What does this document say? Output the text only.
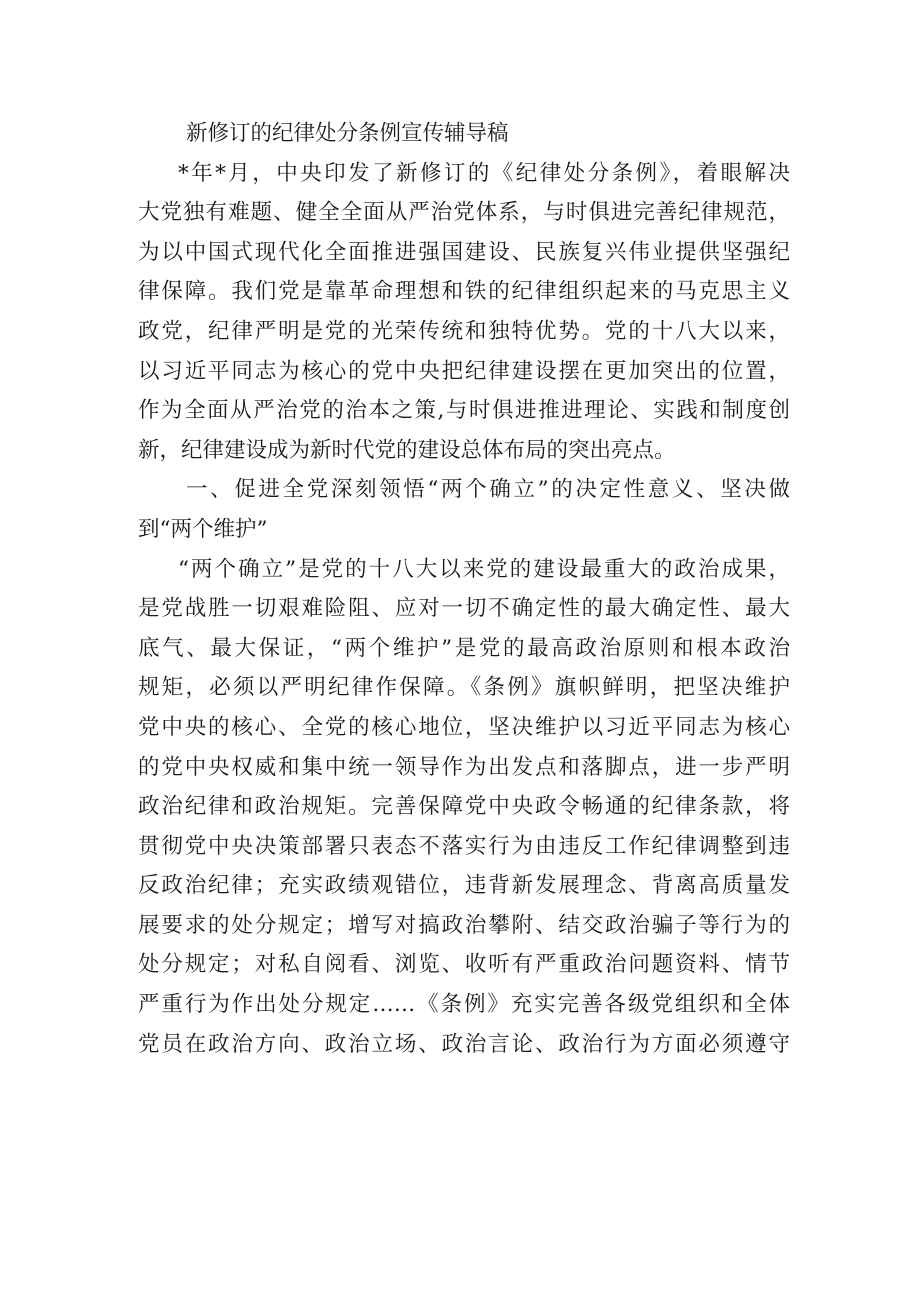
新修订的纪律处分条例宣传辅导稿
*年*月，中央印发了新修订的《纪律处分条例》，着眼解决
大党独有难题、健全全面从严治党体系，与时俱进完善纪律规范，
为以中国式现代化全面推进强国建设、民族复兴伟业提供坚强纪
律保障。我们党是靠革命理想和铁的纪律组织起来的马克思主义
政党，纪律严明是党的光荣传统和独特优势。党的十八大以来，
以习近平同志为核心的党中央把纪律建设摆在更加突出的位置，
作为全面从严治党的治本之策,与时俱进推进理论、实践和制度创
新，纪律建设成为新时代党的建设总体布局的突出亮点。
一、促进全党深刻领悟“两个确立”的决定性意义、坚决做
到“两个维护”
“两个确立”是党的十八大以来党的建设最重大的政治成果，
是党战胜一切艰难险阻、应对一切不确定性的最大确定性、最大
底气、最大保证，“两个维护”是党的最高政治原则和根本政治
规矩，必须以严明纪律作保障。《条例》旗帜鲜明，把坚决维护
党中央的核心、全党的核心地位，坚决维护以习近平同志为核心
的党中央权威和集中统一领导作为出发点和落脚点，进一步严明
政治纪律和政治规矩。完善保障党中央政令畅通的纪律条款，将
贯彻党中央决策部署只表态不落实行为由违反工作纪律调整到违
反政治纪律；充实政绩观错位，违背新发展理念、背离高质量发
展要求的处分规定；增写对搞政治攀附、结交政治骗子等行为的
处分规定；对私自阅看、浏览、收听有严重政治问题资料、情节
严重行为作出处分规定……《条例》充实完善各级党组织和全体
党员在政治方向、政治立场、政治言论、政治行为方面必须遵守
